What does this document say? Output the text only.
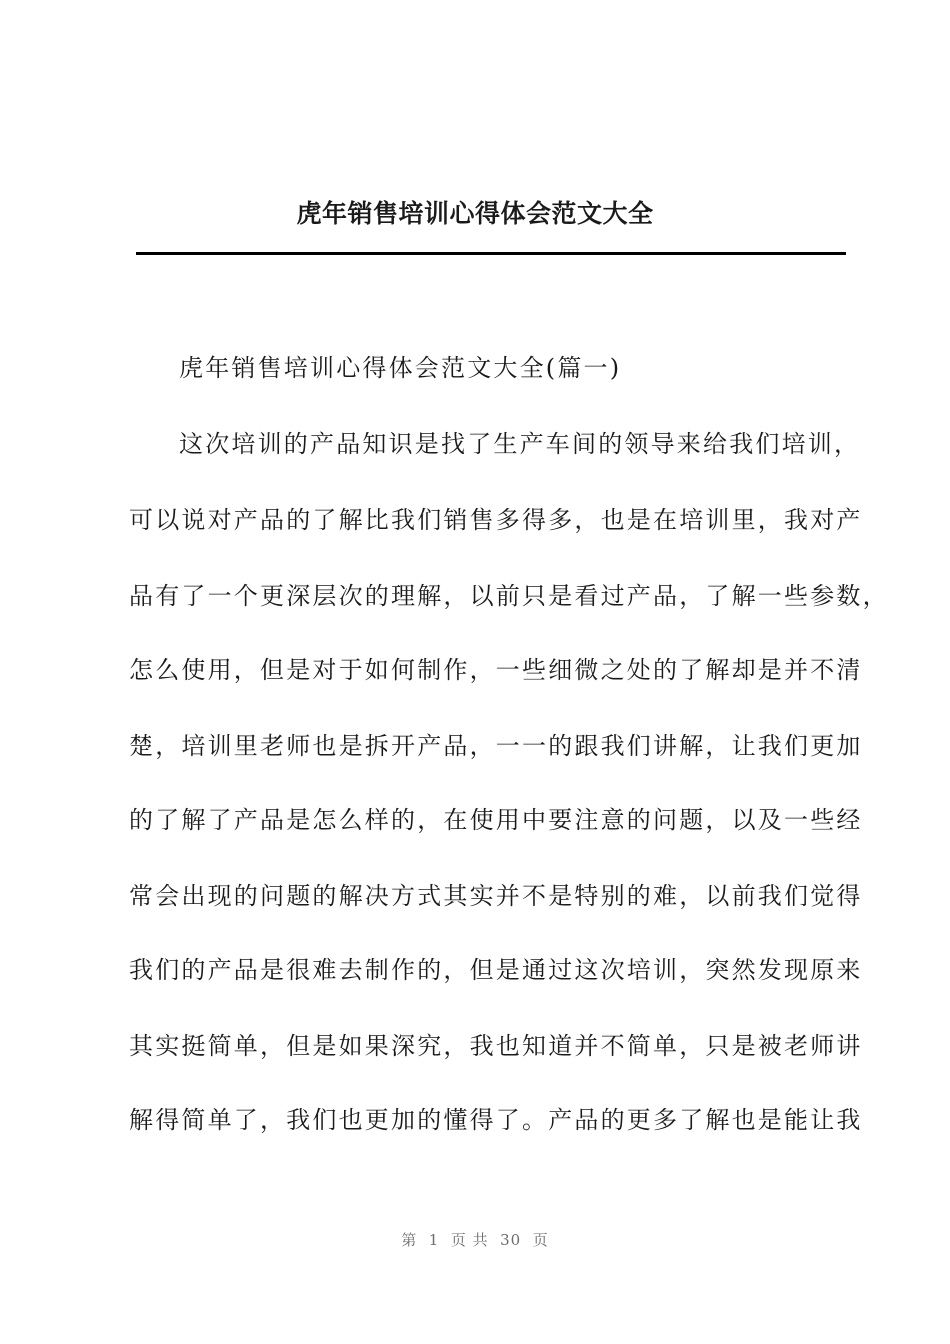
虎年销售培训心得体会范文大全
虎年销售培训心得体会范文大全(篇一)
这次培训的产品知识是找了生产车间的领导来给我们培训，
可以说对产品的了解比我们销售多得多，也是在培训里，我对产
品有了一个更深层次的理解，以前只是看过产品，了解一些参数，
怎么使用，但是对于如何制作，一些细微之处的了解却是并不清
楚，培训里老师也是拆开产品，一一的跟我们讲解，让我们更加
的了解了产品是怎么样的，在使用中要注意的问题，以及一些经
常会出现的问题的解决方式其实并不是特别的难，以前我们觉得
我们的产品是很难去制作的，但是通过这次培训，突然发现原来
其实挺简单，但是如果深究，我也知道并不简单，只是被老师讲
解得简单了，我们也更加的懂得了。产品的更多了解也是能让我
第  1  页 共  30  页
